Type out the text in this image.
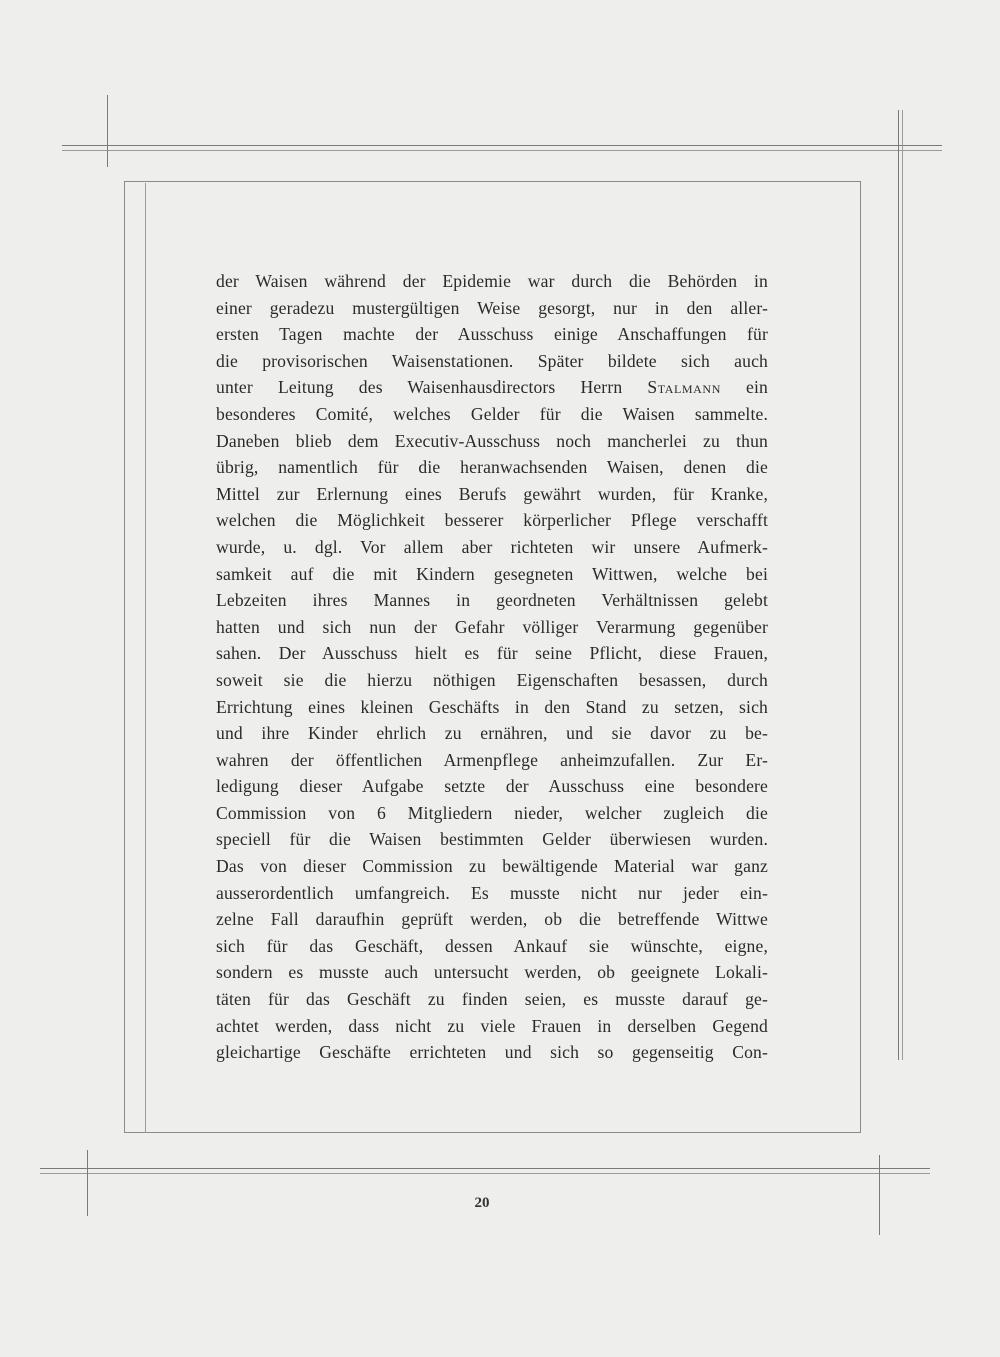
der Waisen während der Epidemie war durch die Behörden in
einer geradezu mustergültigen Weise gesorgt, nur in den aller-
ersten Tagen machte der Ausschuss einige Anschaffungen für
die provisorischen Waisenstationen. Später bildete sich auch
unter Leitung des Waisenhausdirectors Herrn Stalmann ein
besonderes Comité, welches Gelder für die Waisen sammelte.
Daneben blieb dem Executiv-Ausschuss noch mancherlei zu thun
übrig, namentlich für die heranwachsenden Waisen, denen die
Mittel zur Erlernung eines Berufs gewährt wurden, für Kranke,
welchen die Möglichkeit besserer körperlicher Pflege verschafft
wurde, u. dgl. Vor allem aber richteten wir unsere Aufmerk-
samkeit auf die mit Kindern gesegneten Wittwen, welche bei
Lebzeiten ihres Mannes in geordneten Verhältnissen gelebt
hatten und sich nun der Gefahr völliger Verarmung gegenüber
sahen. Der Ausschuss hielt es für seine Pflicht, diese Frauen,
soweit sie die hierzu nöthigen Eigenschaften besassen, durch
Errichtung eines kleinen Geschäfts in den Stand zu setzen, sich
und ihre Kinder ehrlich zu ernähren, und sie davor zu be-
wahren der öffentlichen Armenpflege anheimzufallen. Zur Er-
ledigung dieser Aufgabe setzte der Ausschuss eine besondere
Commission von 6 Mitgliedern nieder, welcher zugleich die
speciell für die Waisen bestimmten Gelder überwiesen wurden.
Das von dieser Commission zu bewältigende Material war ganz
ausserordentlich umfangreich. Es musste nicht nur jeder ein-
zelne Fall daraufhin geprüft werden, ob die betreffende Wittwe
sich für das Geschäft, dessen Ankauf sie wünschte, eigne,
sondern es musste auch untersucht werden, ob geeignete Lokali-
täten für das Geschäft zu finden seien, es musste darauf ge-
achtet werden, dass nicht zu viele Frauen in derselben Gegend
gleichartige Geschäfte errichteten und sich so gegenseitig Con-
20
